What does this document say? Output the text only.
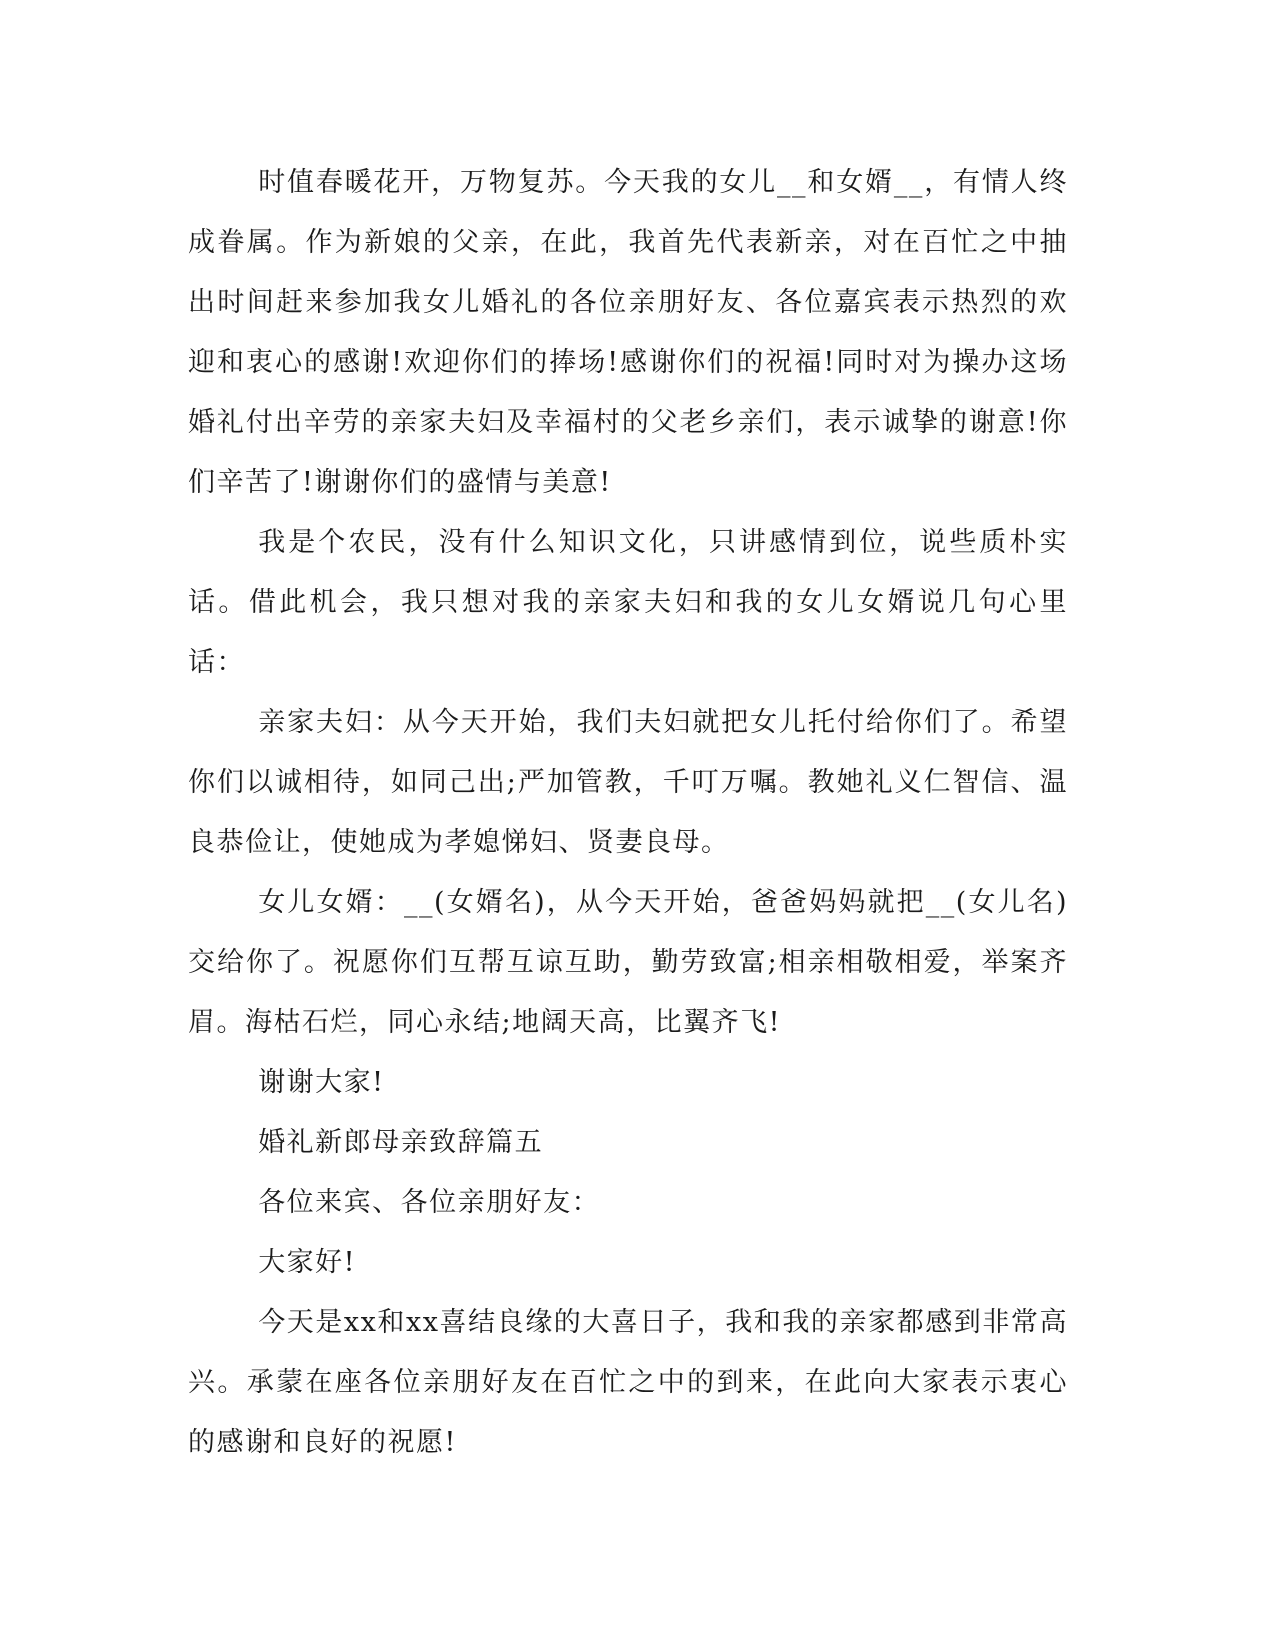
时值春暖花开，万物复苏。今天我的女儿__和女婿__，有情人终成眷属。作为新娘的父亲，在此，我首先代表新亲，对在百忙之中抽出时间赶来参加我女儿婚礼的各位亲朋好友、各位嘉宾表示热烈的欢迎和衷心的感谢!欢迎你们的捧场!感谢你们的祝福!同时对为操办这场婚礼付出辛劳的亲家夫妇及幸福村的父老乡亲们，表示诚挚的谢意!你们辛苦了!谢谢你们的盛情与美意!

我是个农民，没有什么知识文化，只讲感情到位，说些质朴实话。借此机会，我只想对我的亲家夫妇和我的女儿女婿说几句心里话：

亲家夫妇：从今天开始，我们夫妇就把女儿托付给你们了。希望你们以诚相待，如同己出;严加管教，千叮万嘱。教她礼义仁智信、温良恭俭让，使她成为孝媳悌妇、贤妻良母。

女儿女婿：__(女婿名)，从今天开始，爸爸妈妈就把__(女儿名)交给你了。祝愿你们互帮互谅互助，勤劳致富;相亲相敬相爱，举案齐眉。海枯石烂，同心永结;地阔天高，比翼齐飞!

谢谢大家!

婚礼新郎母亲致辞篇五

各位来宾、各位亲朋好友：

大家好!

今天是xx和xx喜结良缘的大喜日子，我和我的亲家都感到非常高兴。承蒙在座各位亲朋好友在百忙之中的到来，在此向大家表示衷心的感谢和良好的祝愿!
